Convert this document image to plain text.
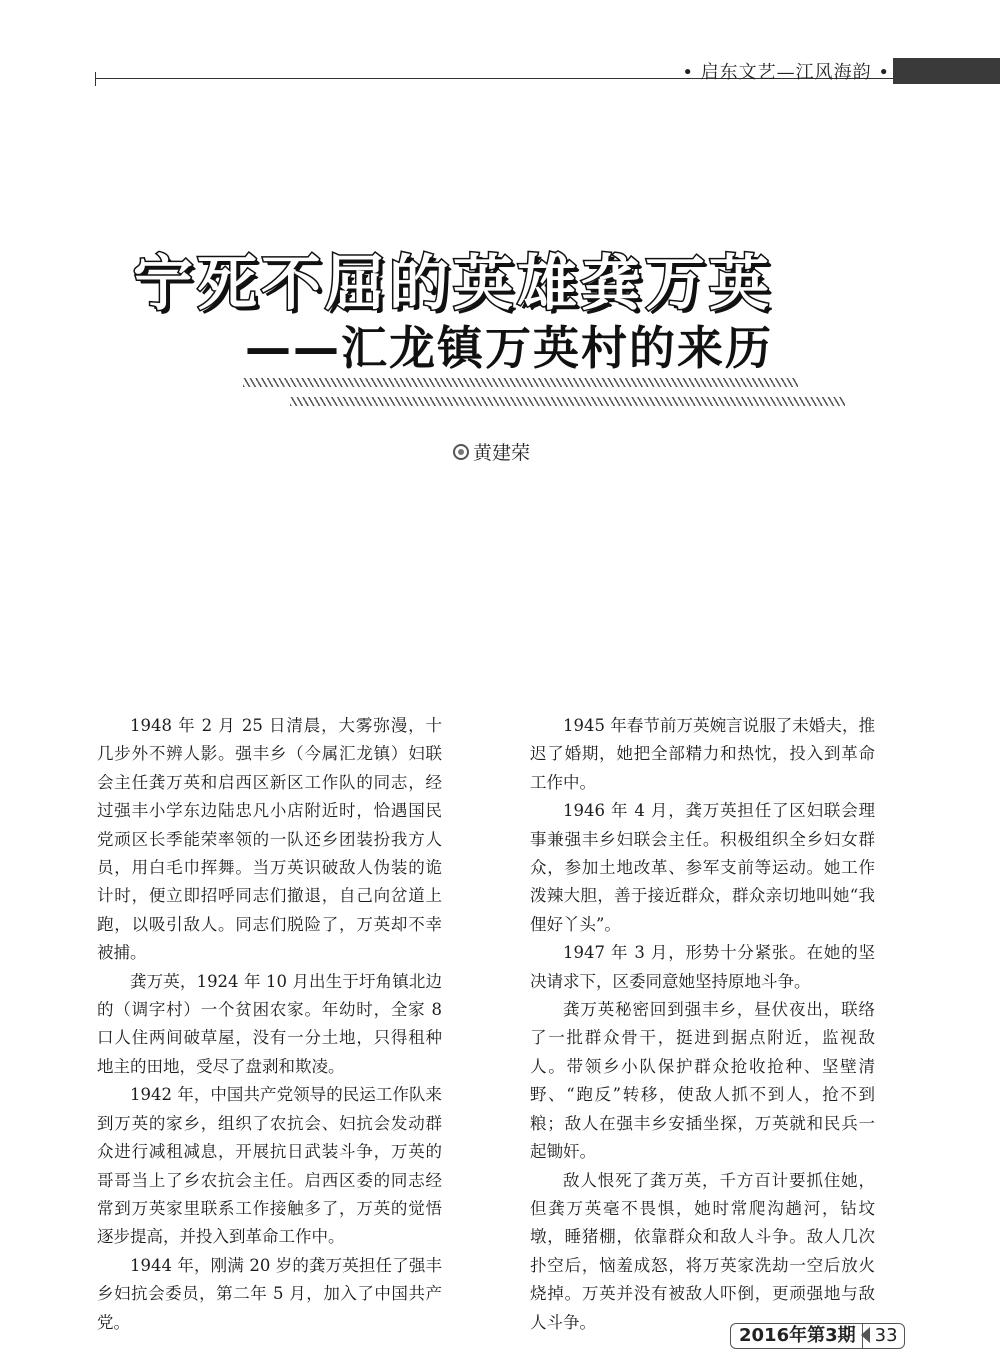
• 启东文艺—江风海韵 •
宁死不屈的英雄龚万英
——汇龙镇万英村的来历
黄建荣

1948 年 2 月 25 日清晨，大雾弥漫，十几步外不辨人影。强丰乡（今属汇龙镇）妇联会主任龚万英和启西区新区工作队的同志，经过强丰小学东边陆忠凡小店附近时，恰遇国民党顽区长季能荣率领的一队还乡团装扮我方人员，用白毛巾挥舞。当万英识破敌人伪装的诡计时，便立即招呼同志们撤退，自己向岔道上跑，以吸引敌人。同志们脱险了，万英却不幸被捕。

龚万英，1924 年 10 月出生于圩角镇北边的（调字村）一个贫困农家。年幼时，全家 8 口人住两间破草屋，没有一分土地，只得租种地主的田地，受尽了盘剥和欺凌。

1942 年，中国共产党领导的民运工作队来到万英的家乡，组织了农抗会、妇抗会发动群众进行减租减息，开展抗日武装斗争，万英的哥哥当上了乡农抗会主任。启西区委的同志经常到万英家里联系工作接触多了，万英的觉悟逐步提高，并投入到革命工作中。

1944 年，刚满 20 岁的龚万英担任了强丰乡妇抗会委员，第二年 5 月，加入了中国共产党。

1945 年春节前万英婉言说服了未婚夫，推迟了婚期，她把全部精力和热忱，投入到革命工作中。

1946 年 4 月，龚万英担任了区妇联会理事兼强丰乡妇联会主任。积极组织全乡妇女群众，参加土地改革、参军支前等运动。她工作泼辣大胆，善于接近群众，群众亲切地叫她“我俚好丫头”。

1947 年 3 月，形势十分紧张。在她的坚决请求下，区委同意她坚持原地斗争。

龚万英秘密回到强丰乡，昼伏夜出，联络了一批群众骨干，挺进到据点附近，监视敌人。带领乡小队保护群众抢收抢种、坚壁清野、“跑反”转移，使敌人抓不到人，抢不到粮；敌人在强丰乡安插坐探，万英就和民兵一起锄奸。

敌人恨死了龚万英，千方百计要抓住她，但龚万英毫不畏惧，她时常爬沟趟河，钻坟墩，睡猪棚，依靠群众和敌人斗争。敌人几次扑空后，恼羞成怒，将万英家洗劫一空后放火烧掉。万英并没有被敌人吓倒，更顽强地与敌人斗争。

2016年第3期	33
